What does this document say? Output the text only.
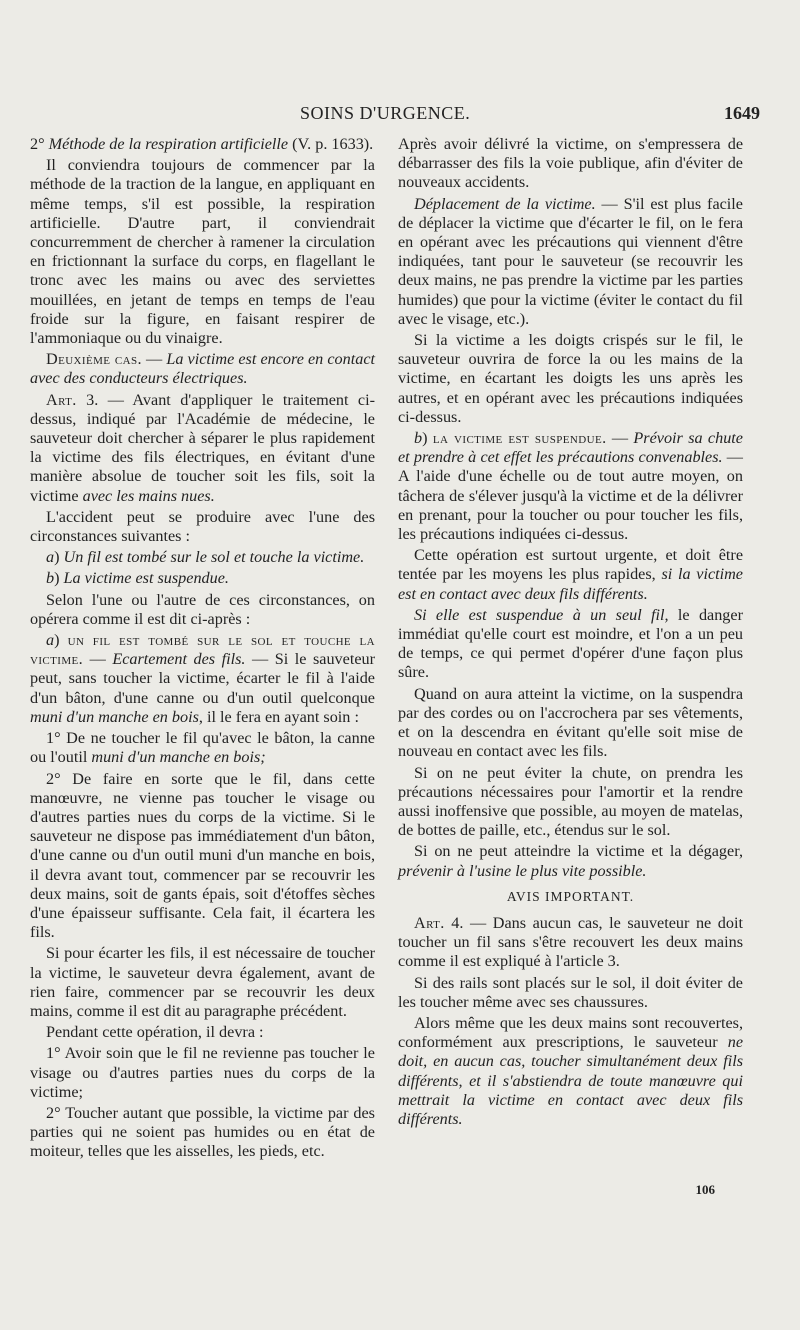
SOINS D'URGENCE.	1649

2° Méthode de la respiration artificielle (V. p. 1633).

Il conviendra toujours de commencer par la méthode de la traction de la langue, en appliquant en même temps, s'il est possible, la respiration artificielle. D'autre part, il conviendrait concurremment de chercher à ramener la circulation en frictionnant la surface du corps, en flagellant le tronc avec les mains ou avec des serviettes mouillées, en jetant de temps en temps de l'eau froide sur la figure, en faisant respirer de l'ammoniaque ou du vinaigre.

Deuxième cas. — La victime est encore en contact avec des conducteurs électriques.

Art. 3. — Avant d'appliquer le traitement ci-dessus, indiqué par l'Académie de médecine, le sauveteur doit chercher à séparer le plus rapidement la victime des fils électriques, en évitant d'une manière absolue de toucher soit les fils, soit la victime avec les mains nues.

L'accident peut se produire avec l'une des circonstances suivantes :

a) Un fil est tombé sur le sol et touche la victime.

b) La victime est suspendue.

Selon l'une ou l'autre de ces circonstances, on opérera comme il est dit ci-après :

a) un fil est tombé sur le sol et touche la victime. — Ecartement des fils. — Si le sauveteur peut, sans toucher la victime, écarter le fil à l'aide d'un bâton, d'une canne ou d'un outil quelconque muni d'un manche en bois, il le fera en ayant soin :

1° De ne toucher le fil qu'avec le bâton, la canne ou l'outil muni d'un manche en bois;

2° De faire en sorte que le fil, dans cette manœuvre, ne vienne pas toucher le visage ou d'autres parties nues du corps de la victime. Si le sauveteur ne dispose pas immédiatement d'un bâton, d'une canne ou d'un outil muni d'un manche en bois, il devra avant tout, commencer par se recouvrir les deux mains, soit de gants épais, soit d'étoffes sèches d'une épaisseur suffisante. Cela fait, il écartera les fils.

Si pour écarter les fils, il est nécessaire de toucher la victime, le sauveteur devra également, avant de rien faire, commencer par se recouvrir les deux mains, comme il est dit au paragraphe précédent.

Pendant cette opération, il devra :

1° Avoir soin que le fil ne revienne pas toucher le visage ou d'autres parties nues du corps de la victime;

2° Toucher autant que possible, la victime par des parties qui ne soient pas humides ou en état de moiteur, telles que les aisselles, les pieds, etc.

Après avoir délivré la victime, on s'empressera de débarrasser des fils la voie publique, afin d'éviter de nouveaux accidents.

Déplacement de la victime. — S'il est plus facile de déplacer la victime que d'écarter le fil, on le fera en opérant avec les précautions qui viennent d'être indiquées, tant pour le sauveteur (se recouvrir les deux mains, ne pas prendre la victime par les parties humides) que pour la victime (éviter le contact du fil avec le visage, etc.).

Si la victime a les doigts crispés sur le fil, le sauveteur ouvrira de force la ou les mains de la victime, en écartant les doigts les uns après les autres, et en opérant avec les précautions indiquées ci-dessus.

b) la victime est suspendue. — Prévoir sa chute et prendre à cet effet les précautions convenables. — A l'aide d'une échelle ou de tout autre moyen, on tâchera de s'élever jusqu'à la victime et de la délivrer en prenant, pour la toucher ou pour toucher les fils, les précautions indiquées ci-dessus.

Cette opération est surtout urgente, et doit être tentée par les moyens les plus rapides, si la victime est en contact avec deux fils différents.

Si elle est suspendue à un seul fil, le danger immédiat qu'elle court est moindre, et l'on a un peu de temps, ce qui permet d'opérer d'une façon plus sûre.

Quand on aura atteint la victime, on la suspendra par des cordes ou on l'accrochera par ses vêtements, et on la descendra en évitant qu'elle soit mise de nouveau en contact avec les fils.

Si on ne peut éviter la chute, on prendra les précautions nécessaires pour l'amortir et la rendre aussi inoffensive que possible, au moyen de matelas, de bottes de paille, etc., étendus sur le sol.

Si on ne peut atteindre la victime et la dégager, prévenir à l'usine le plus vite possible.

AVIS IMPORTANT.

Art. 4. — Dans aucun cas, le sauveteur ne doit toucher un fil sans s'être recouvert les deux mains comme il est expliqué à l'article 3.

Si des rails sont placés sur le sol, il doit éviter de les toucher même avec ses chaussures.

Alors même que les deux mains sont recouvertes, conformément aux prescriptions, le sauveteur ne doit, en aucun cas, toucher simultanément deux fils différents, et il s'abstiendra de toute manœuvre qui mettrait la victime en contact avec deux fils différents.

106
